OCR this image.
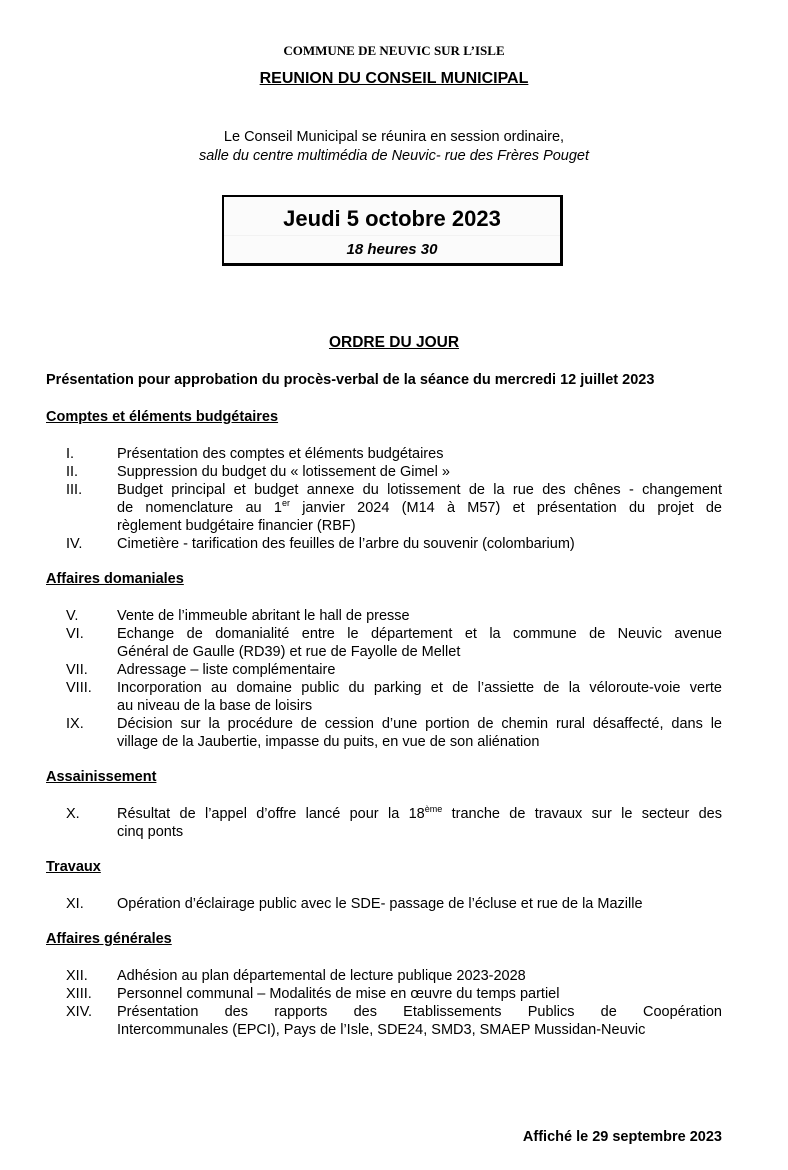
COMMUNE DE NEUVIC SUR L’ISLE
REUNION DU CONSEIL MUNICIPAL
Le Conseil Municipal se réunira en session ordinaire,
salle du centre multimédia de Neuvic- rue des Frères Pouget
Jeudi 5 octobre 2023
18 heures 30
ORDRE DU JOUR
Présentation pour approbation du procès-verbal de la séance du mercredi 12 juillet 2023
Comptes et éléments budgétaires
I.	Présentation des comptes et éléments budgétaires
II.	Suppression du budget du « lotissement de Gimel »
III. Budget principal et budget annexe du lotissement de la rue des chênes - changement
de nomenclature au 1er janvier 2024 (M14 à M57) et présentation du projet de
règlement budgétaire financier (RBF)
IV. Cimetière - tarification des feuilles de l’arbre du souvenir (colombarium)
Affaires domaniales
V.	Vente de l’immeuble abritant le hall de presse
VI. Echange de domanialité entre le département et la commune de Neuvic avenue
Général de Gaulle (RD39) et rue de Fayolle de Mellet
VII. Adressage – liste complémentaire
VIII. Incorporation au domaine public du parking et de l’assiette de la véloroute-voie verte
au niveau de la base de loisirs
IX. Décision sur la procédure de cession d’une portion de chemin rural désaffecté, dans le
village de la Jaubertie, impasse du puits, en vue de son aliénation
Assainissement
X.	Résultat de l’appel d’offre lancé pour la 18ème tranche de travaux sur le secteur des
cinq ponts
Travaux
XI. Opération d’éclairage public avec le SDE- passage de l’écluse et rue de la Mazille
Affaires générales
XII. Adhésion au plan départemental de lecture publique 2023-2028
XIII. Personnel communal – Modalités de mise en œuvre du temps partiel
XIV. Présentation des rapports des Etablissements Publics de Coopération
Intercommunales (EPCI), Pays de l’Isle, SDE24, SMD3, SMAEP Mussidan-Neuvic
Affiché le 29 septembre 2023
